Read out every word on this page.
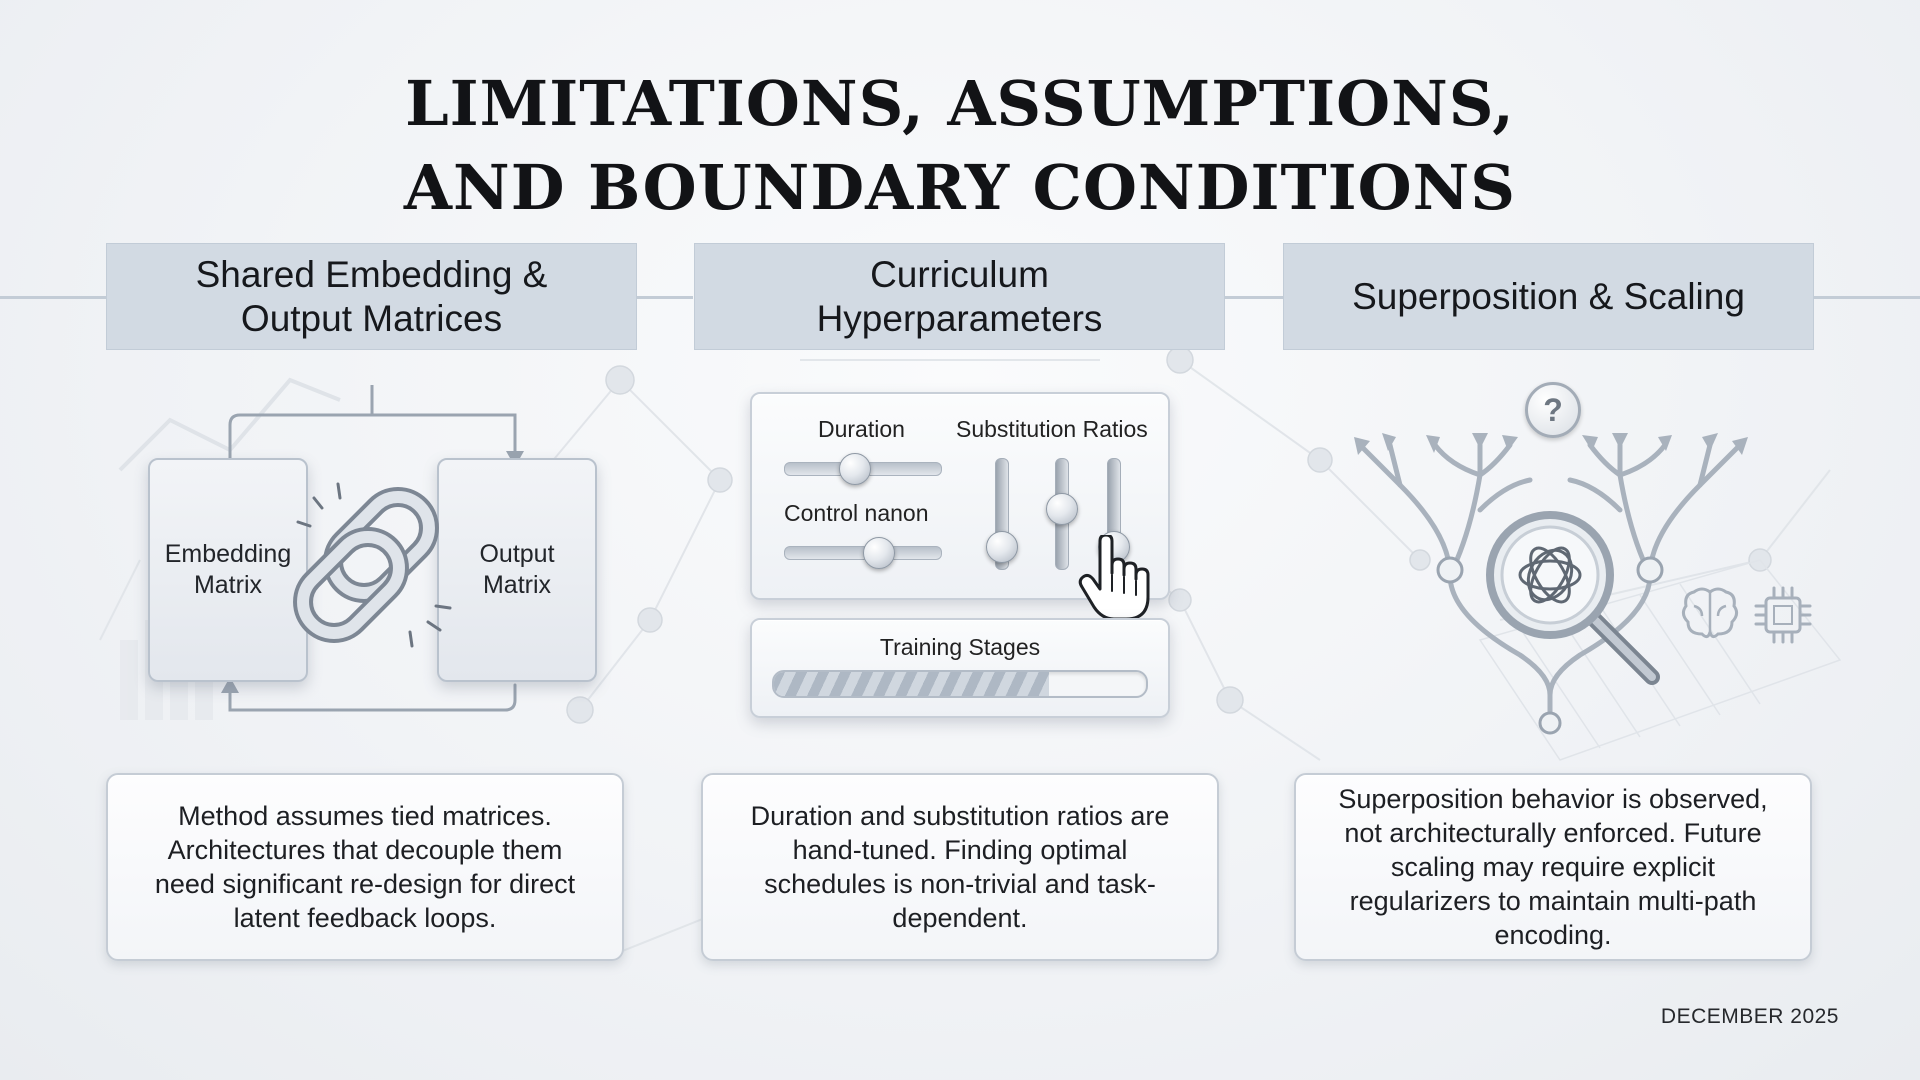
LIMITATIONS, ASSUMPTIONS,
AND BOUNDARY CONDITIONS
Shared Embedding &
Output Matrices
Curriculum
Hyperparameters
Superposition & Scaling
Embedding
Matrix
Output
Matrix
Duration
Control nanon
Substitution Ratios
Training Stages
?
Method assumes tied matrices. Architectures that decouple them need significant re-design for direct latent feedback loops.
Duration and substitution ratios are hand-tuned. Finding optimal schedules is non-trivial and task-dependent.
Superposition behavior is observed, not architecturally enforced. Future scaling may require explicit regularizers to maintain multi-path encoding.
DECEMBER 2025
